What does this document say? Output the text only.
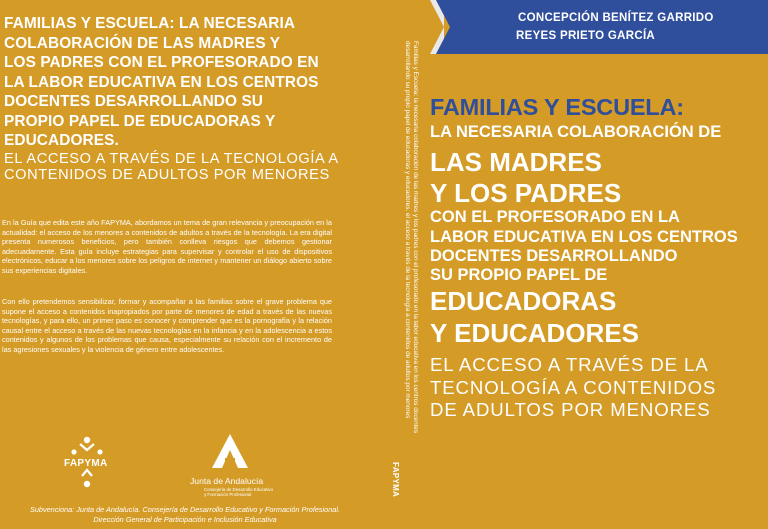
FAMILIAS Y ESCUELA: LA NECESARIA
COLABORACIÓN DE LAS MADRES Y
LOS PADRES CON EL PROFESORADO EN
LA LABOR EDUCATIVA EN LOS CENTROS
DOCENTES DESARROLLANDO SU
PROPIO PAPEL DE EDUCADORAS Y
EDUCADORES.

EL ACCESO A TRAVÉS DE LA TECNOLOGÍA A
CONTENIDOS DE ADULTOS POR MENORES

En la Guía que edita este año FAPYMA, abordamos un tema de gran relevancia y preocupación en la actualidad: el acceso de los menores a contenidos de adultos a través de la tecnología. La era digital presenta numerosos beneficios, pero también conlleva riesgos que debemos gestionar adecuadamente. Esta guía incluye estrategias para supervisar y controlar el uso de dispositivos electrónicos, educar a los menores sobre los peligros de internet y mantener un diálogo abierto sobre sus experiencias digitales.

Con ello pretendemos sensibilizar, formar y acompañar a las familias sobre el grave problema que supone el acceso a contenidos inapropiados por parte de menores de edad a través de las nuevas tecnologías, y para ello, un primer paso es conocer y comprender que es la pornografía y la relación causal entre el acceso a través de las nuevas tecnologías en la infancia y en la adolescencia a estos contenidos y algunos de los problemas que causa, especialmente su relación con el incremento de las agresiones sexuales y la violencia de género entre adolescentes.

FAPYMA
Junta de Andalucía
Consejería de Desarrollo Educativo
y Formación Profesional

Subvenciona: Junta de Andalucía. Consejería de Desarrollo Educativo y Formación Profesional.
Dirección General de Participación e Inclusión Educativa

Familias y Escuela: la necesaria colaboración de las madres y los padres con el profesorado en la labor educativa en los centros docentes desarrollando su propio papel de educadoras y educadores. el acceso a través de la tecnología a contenidos de adultos por menores
FAPYMA
CONCEPCIÓN BENÍTEZ GARRIDO
REYES PRIETO GARCÍA
FAMILIAS Y ESCUELA:
LA NECESARIA COLABORACIÓN DE
LAS MADRES
Y LOS PADRES
CON EL PROFESORADO EN LA
LABOR EDUCATIVA EN LOS CENTROS
DOCENTES DESARROLLANDO
SU PROPIO PAPEL DE
EDUCADORAS
Y EDUCADORES

EL ACCESO A TRAVÉS DE LA
TECNOLOGÍA A CONTENIDOS
DE ADULTOS POR MENORES
